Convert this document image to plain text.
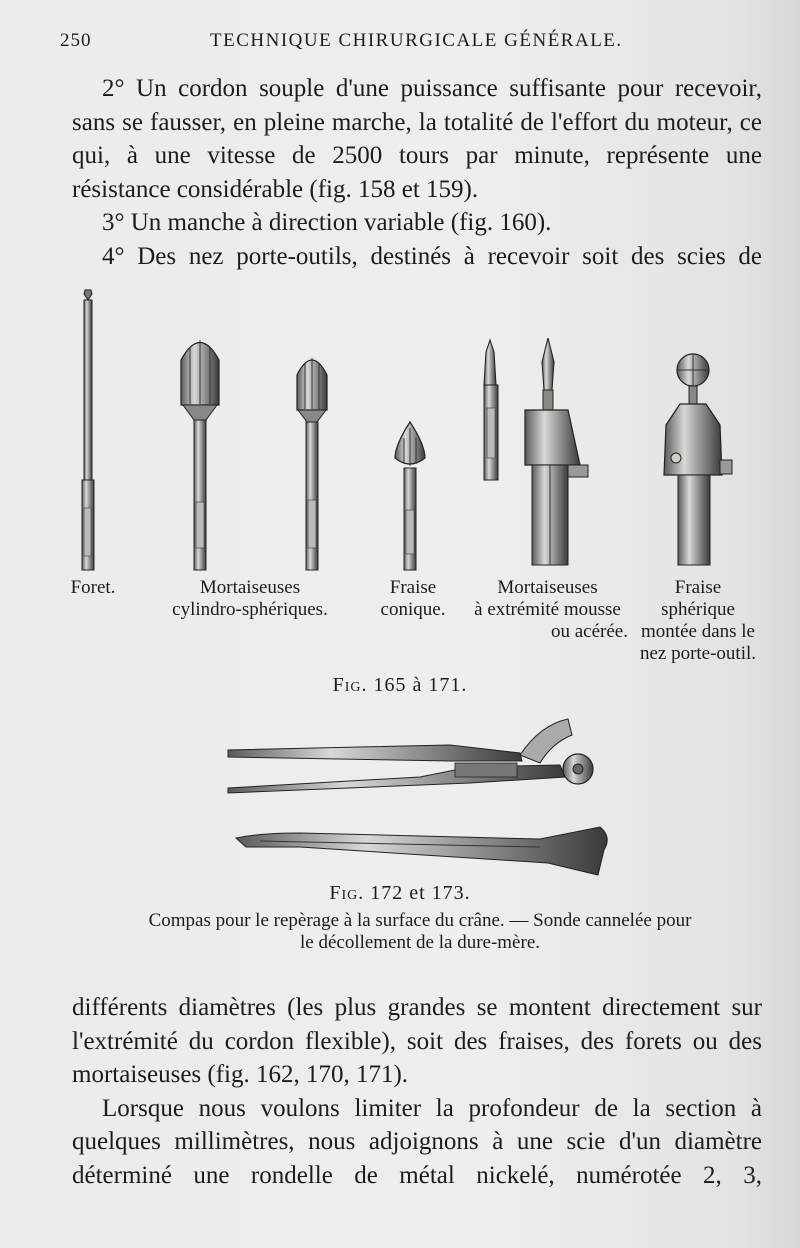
250	TECHNIQUE CHIRURGICALE GÉNÉRALE.

2° Un cordon souple d'une puissance suffisante pour recevoir, sans se fausser, en pleine marche, la totalité de l'effort du moteur, ce qui, à une vitesse de 2500 tours par minute, représente une résistance considérable (fig. 158 et 159).

3° Un manche à direction variable (fig. 160).

4° Des nez porte-outils, destinés à recevoir soit des scies de

Foret.	Mortaiseuses
cylindro-sphériques.
Fraise
conique.
Mortaiseuses
à extrémité mousse
ou acérée.
Fraise
sphérique
montée dans le
nez porte-outil.
Fig. 165 à 171.
Fig. 172 et 173.
Compas pour le repèrage à la surface du crâne. — Sonde cannelée pour
le décollement de la dure-mère.

différents diamètres (les plus grandes se montent directement sur l'extrémité du cordon flexible), soit des fraises, des forets ou des mortaiseuses (fig. 162, 170, 171).

Lorsque nous voulons limiter la profondeur de la section à quelques millimètres, nous adjoignons à une scie d'un diamètre déterminé une rondelle de métal nickelé, numérotée 2, 3,
